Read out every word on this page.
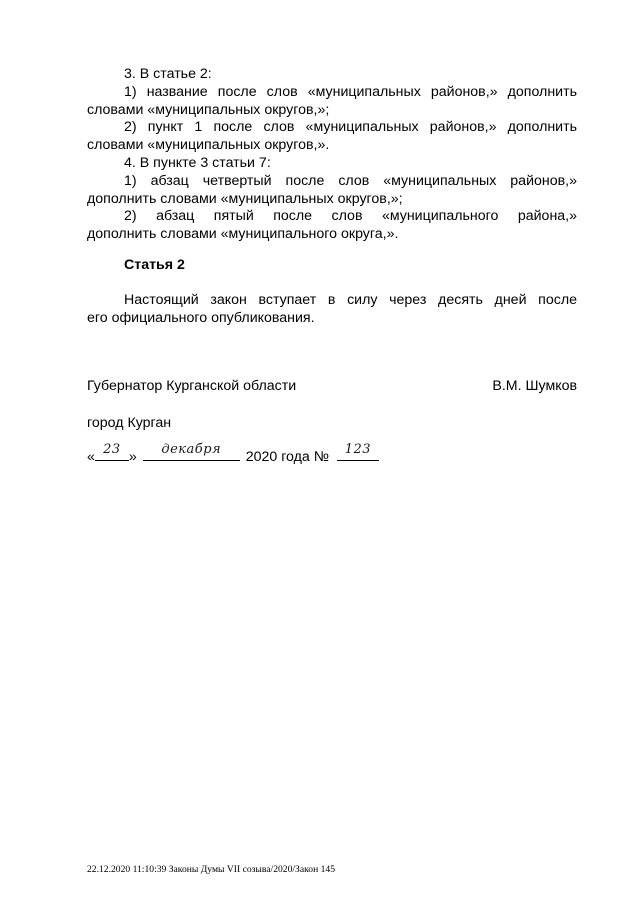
3. В статье 2:
1) название после слов «муниципальных районов,» дополнить
словами «муниципальных округов,»;
2) пункт 1 после слов «муниципальных районов,» дополнить
словами «муниципальных округов,».
4. В пункте 3 статьи 7:
1) абзац четвертый после слов «муниципальных районов,»
дополнить словами «муниципальных округов,»;
2) абзац пятый после слов «муниципального района,»
дополнить словами «муниципального округа,».
Статья 2
Настоящий закон вступает в силу через десять дней после
его официального опубликования.
Губернатор Курганской области	В.М. Шумков
город Курган
« 23 »	декабря	2020 года №	123
22.12.2020 11:10:39 Законы Думы VII созыва/2020/Закон 145
